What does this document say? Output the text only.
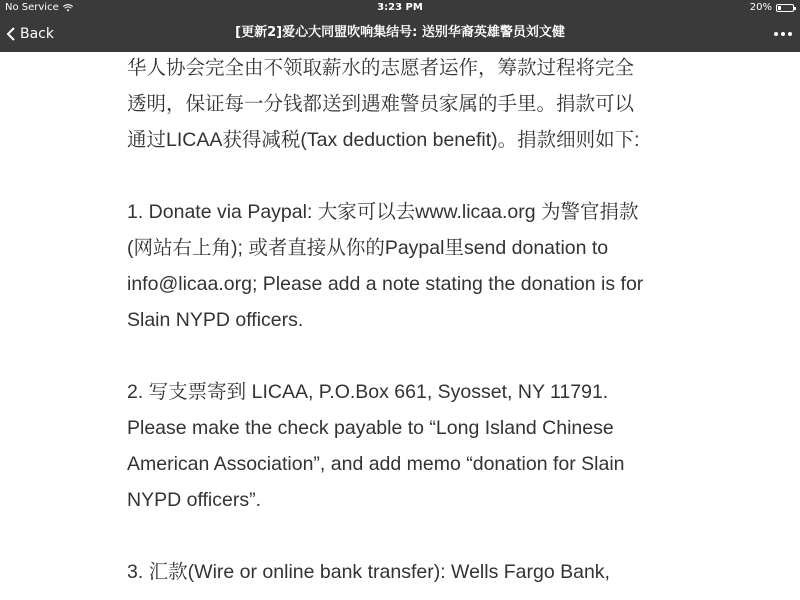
No Service	3:23 PM	20%
Back	[更新2]爱心大同盟吹响集结号: 送别华裔英雄警员刘文健

华人协会完全由不领取薪水的志愿者运作，筹款过程将完全
透明，保证每一分钱都送到遇难警员家属的手里。捐款可以
通过LICAA获得减税(Tax deduction benefit)。捐款细则如下:

1. Donate via Paypal: 大家可以去www.licaa.org 为警官捐款
(网站右上角); 或者直接从你的Paypal里send donation to
info@licaa.org; Please add a note stating the donation is for
Slain NYPD officers.

2. 写支票寄到 LICAA, P.O.Box 661, Syosset, NY 11791.
Please make the check payable to “Long Island Chinese
American Association”, and add memo “donation for Slain
NYPD officers”.

3. 汇款(Wire or online bank transfer): Wells Fargo Bank,
